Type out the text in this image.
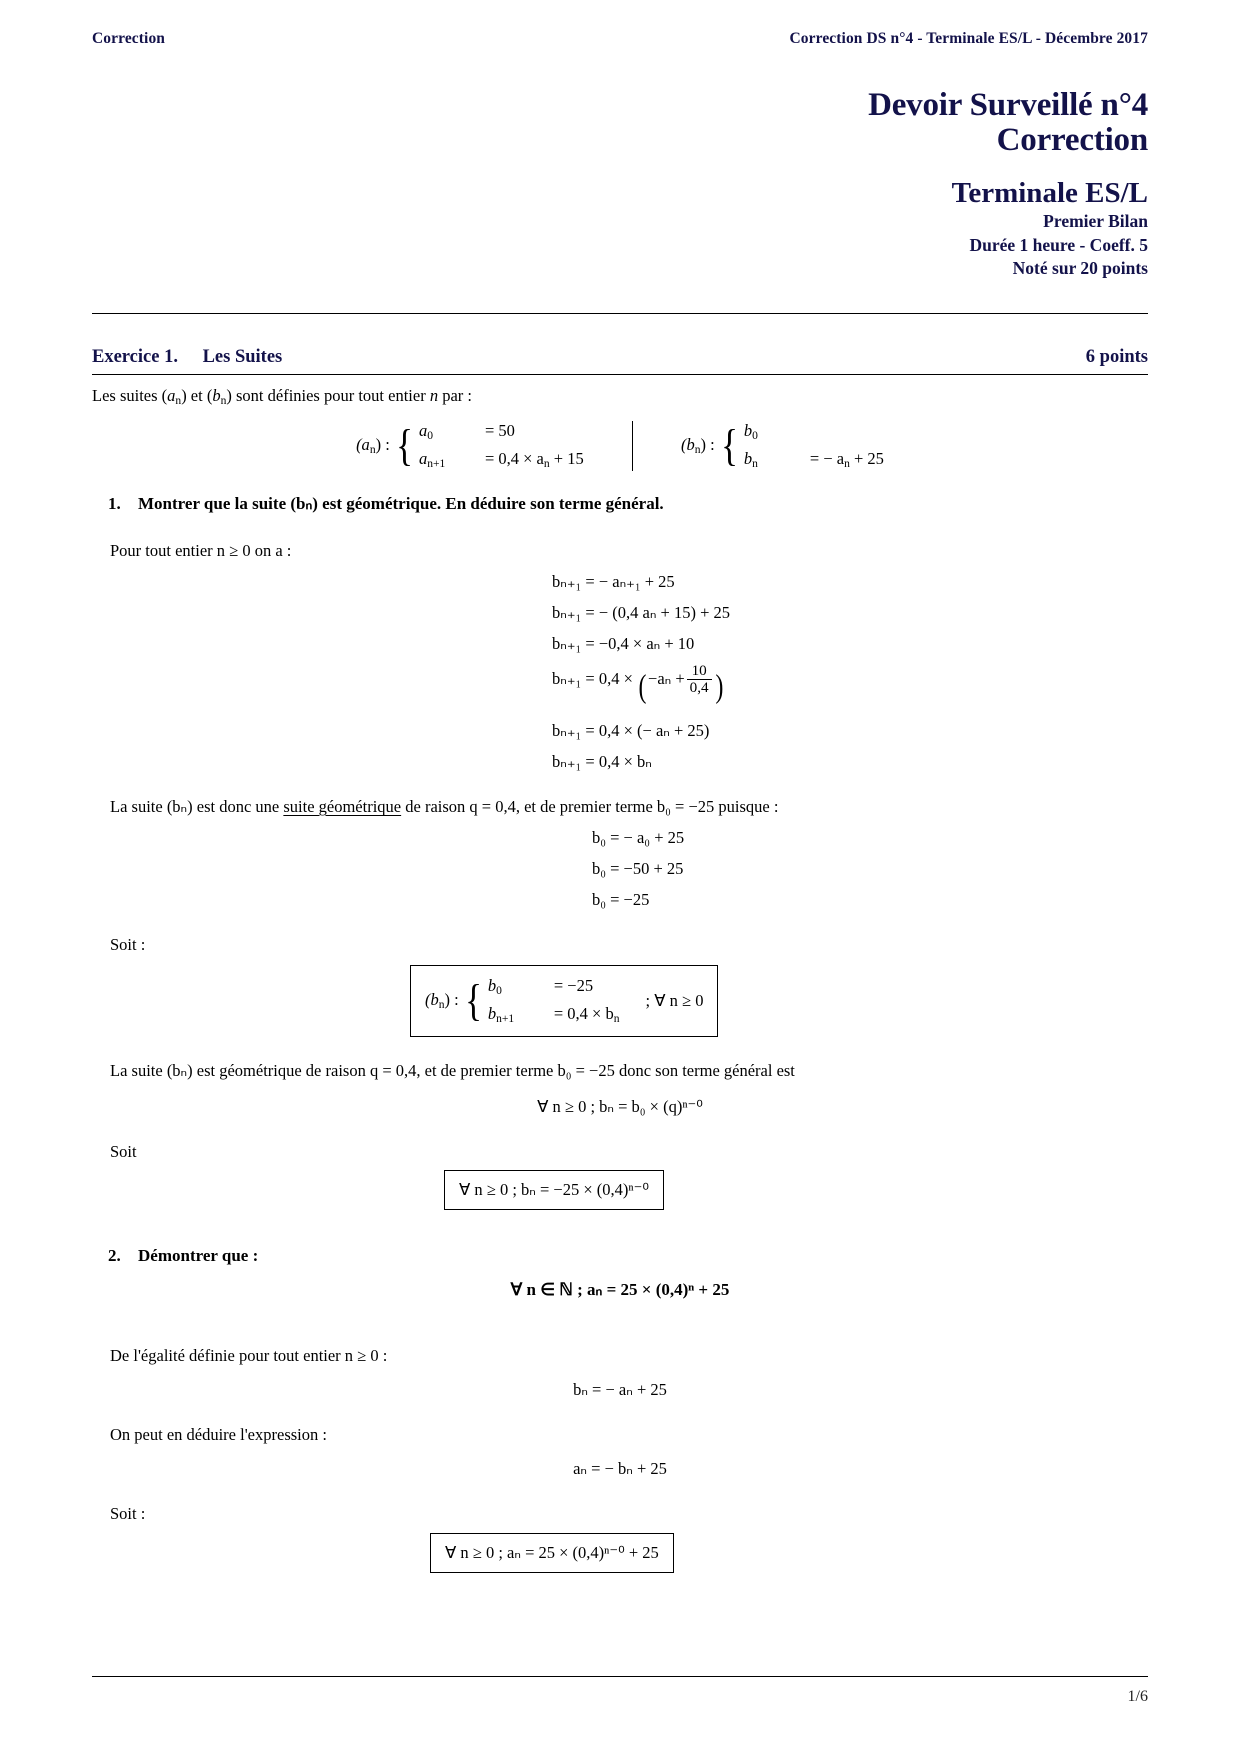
Correction	Correction DS n°4 - Terminale ES/L - Décembre 2017
Devoir Surveillé n°4
Correction
Terminale ES/L
Premier Bilan
Durée 1 heure - Coeff. 5
Noté sur 20 points
Exercice 1. Les Suites	6 points
Les suites $(a_n)$ et $(b_n)$ sont définies pour tout entier n par :
$(a_n)$ : { $a_0$	= 50
$a_{n+1}$	= $0,4 \times a_n + 15$
$(b_n)$ : { $b_0$
$b_n$	= − $a_n + 25$
1.	Montrer que la suite (bₙ) est géométrique. En déduire son terme général.
Pour tout entier n ≥ 0 on a :
bₙ₊₁ = − aₙ₊₁ + 25
bₙ₊₁ = − (0,4 aₙ + 15) + 25
bₙ₊₁ = −0,4 × aₙ + 10
$b_{n+1} = 0,4 \times (-a_n + \frac{10}{0,4}$ )
bₙ₊₁ = 0,4 × (− aₙ + 25)
bₙ₊₁ = 0,4 × bₙ
La suite (bₙ) est donc une suite géométrique de raison q = 0,4, et de premier terme b₀ = −25 puisque :
b₀ = − a₀ + 25
b₀ = −50 + 25
b₀ = −25
Soit :
$(b_n)$ : { $b_0$	= −25
$b_{n+1}$	= $0,4 \times b_n$
; ∀ n ≥ 0
La suite (bₙ) est géométrique de raison q = 0,4, et de premier terme b₀ = −25 donc son terme général est
∀ n ≥ 0 ; bₙ = b₀ × (q)ⁿ⁻⁰
Soit
∀ n ≥ 0 ; bₙ = −25 × (0,4)ⁿ⁻⁰
2.	Démontrer que :
∀ n ∈ ℕ ; aₙ = 25 × (0,4)ⁿ + 25
De l'égalité définie pour tout entier n ≥ 0 :
bₙ = − aₙ + 25
On peut en déduire l'expression :
aₙ = − bₙ + 25
Soit :
∀ n ≥ 0 ; aₙ = 25 × (0,4)ⁿ⁻⁰ + 25
1/6
